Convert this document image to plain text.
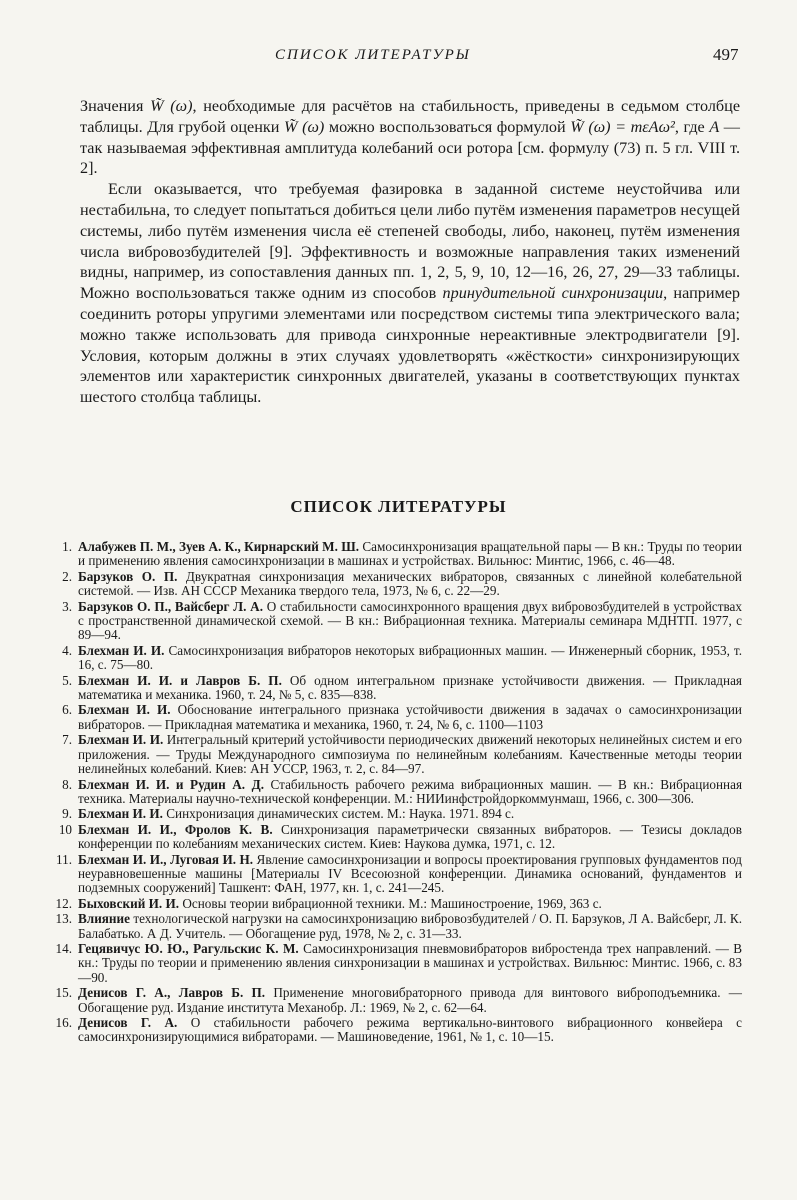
СПИСОК ЛИТЕРАТУРЫ	497

Значения W̃ (ω), необходимые для расчётов на стабильность, приведены в седьмом столбце таблицы. Для грубой оценки W̃ (ω) можно воспользоваться формулой W̃ (ω) = mεAω², где A — так называемая эффективная амплитуда колебаний оси ротора [см. формулу (73) п. 5 гл. VIII т. 2].

Если оказывается, что требуемая фазировка в заданной системе неустойчива или нестабильна, то следует попытаться добиться цели либо путём изменения параметров несущей системы, либо путём изменения числа её степеней свободы, либо, наконец, путём изменения числа вибровозбудителей [9]. Эффективность и возможные направления таких изменений видны, например, из сопоставления данных пп. 1, 2, 5, 9, 10, 12—16, 26, 27, 29—33 таблицы. Можно воспользоваться также одним из способов принудительной синхронизации, например соединить роторы упругими элементами или посредством системы типа электрического вала; можно также использовать для привода синхронные нереактивные электродвигатели [9]. Условия, которым должны в этих случаях удовлетворять «жёсткости» синхронизирующих элементов или характеристик синхронных двигателей, указаны в соответствующих пунктах шестого столбца таблицы.

СПИСОК ЛИТЕРАТУРЫ
1. Алабужев П. М., Зуев А. К., Кирнарский М. Ш. Самосинхронизация вращательной пары — В кн.: Труды по теории и применению явления самосинхронизации в машинах и устройствах. Вильнюс: Минтис, 1966, с. 46—48.
2. Барзуков О. П. Двукратная синхронизация механических вибраторов, связанных с линейной колебательной системой. — Изв. АН СССР Механика твердого тела, 1973, № 6, с. 22—29.
3. Барзуков О. П., Вайсберг Л. А. О стабильности самосинхронного вращения двух вибровозбудителей в устройствах с пространственной динамической схемой. — В кн.: Вибрационная техника. Материалы семинара МДНТП. 1977, с 89—94.
4. Блехман И. И. Самосинхронизация вибраторов некоторых вибрационных машин. — Инженерный сборник, 1953, т. 16, с. 75—80.
5. Блехман И. И. и Лавров Б. П. Об одном интегральном признаке устойчивости движения. — Прикладная математика и механика. 1960, т. 24, № 5, с. 835—838.
6. Блехман И. И. Обоснование интегрального признака устойчивости движения в задачах о самосинхронизации вибраторов. — Прикладная математика и механика, 1960, т. 24, № 6, с. 1100—1103
7. Блехман И. И. Интегральный критерий устойчивости периодических движений некоторых нелинейных систем и его приложения. — Труды Международного симпозиума по нелинейным колебаниям. Качественные методы теории нелинейных колебаний. Киев: АН УССР, 1963, т. 2, с. 84—97.
8. Блехман И. И. и Рудин А. Д. Стабильность рабочего режима вибрационных машин. — В кн.: Вибрационная техника. Материалы научно-технической конференции. М.: НИИинфстройдоркоммунмаш, 1966, с. 300—306.
9. Блехман И. И. Синхронизация динамических систем. М.: Наука. 1971. 894 с.
10 Блехман И. И., Фролов К. В. Синхронизация параметрически связанных вибраторов. — Тезисы докладов конференции по колебаниям механических систем. Киев: Наукова думка, 1971, с. 12.
11. Блехман И. И., Луговая И. Н. Явление самосинхронизации и вопросы проектирования групповых фундаментов под неуравновешенные машины [Материалы IV Всесоюзной конференции. Динамика оснований, фундаментов и подземных сооружений] Ташкент: ФАН, 1977, кн. 1, с. 241—245.
12. Быховский И. И. Основы теории вибрационной техники. М.: Машиностроение, 1969, 363 с.
13. Влияние технологической нагрузки на самосинхронизацию вибровозбудителей / О. П. Барзуков, Л А. Вайсберг, Л. К. Балабатько. А Д. Учитель. — Обогащение руд, 1978, № 2, с. 31—33.
14. Гецявичус Ю. Ю., Рагульскис К. М. Самосинхронизация пневмовибраторов вибростенда трех направлений. — В кн.: Труды по теории и применению явления синхронизации в машинах и устройствах. Вильнюс: Минтис. 1966, с. 83—90.
15. Денисов Г. А., Лавров Б. П. Применение многовибраторного привода для винтового виброподъемника. — Обогащение руд. Издание института Механобр. Л.: 1969, № 2, с. 62—64.
16. Денисов Г. А. О стабильности рабочего режима вертикально-винтового вибрационного конвейера с самосинхронизирующимися вибраторами. — Машиноведение, 1961, № 1, с. 10—15.
